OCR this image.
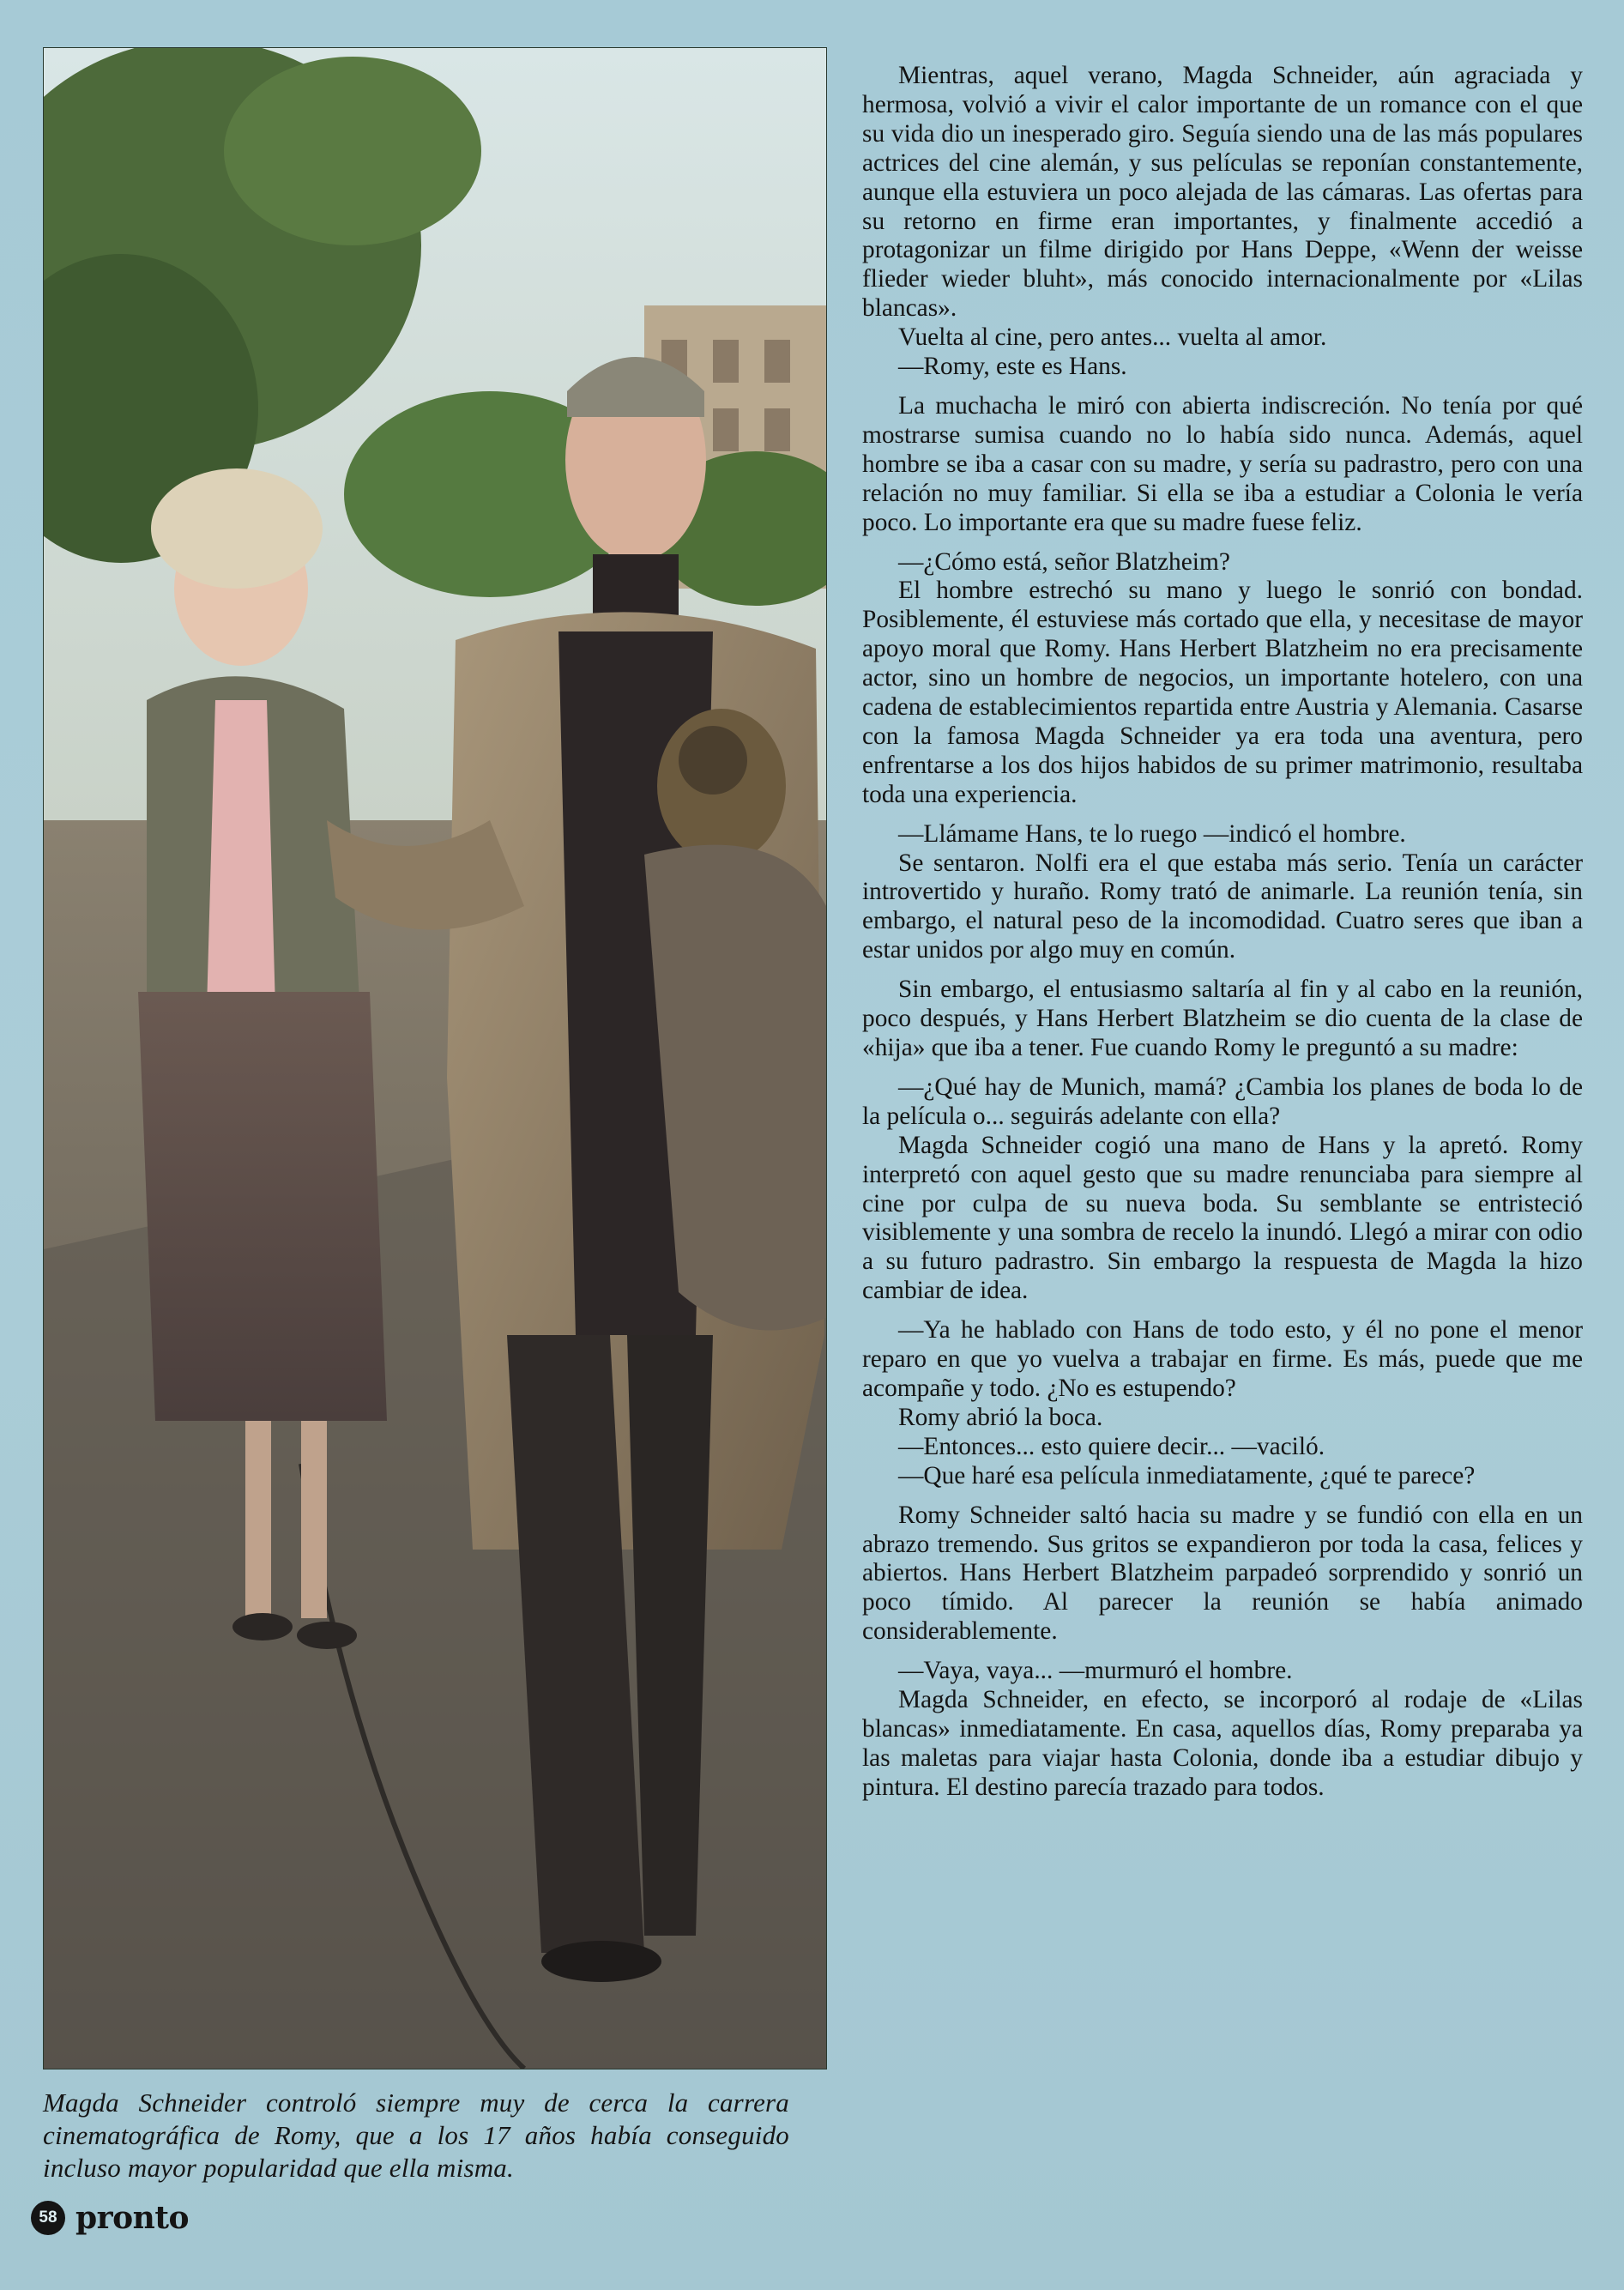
Magda Schneider controló siempre muy de cerca la carrera cinematográfica de Romy, que a los 17 años había conseguido incluso mayor popularidad que ella misma.
58 pronto

Mientras, aquel verano, Magda Schneider, aún agraciada y hermosa, volvió a vivir el calor importante de un romance con el que su vida dio un inesperado giro. Seguía siendo una de las más populares actrices del cine alemán, y sus películas se reponían constantemente, aunque ella estuviera un poco alejada de las cámaras. Las ofertas para su retorno en firme eran importantes, y finalmente accedió a protagonizar un filme dirigido por Hans Deppe, «Wenn der weisse flieder wieder bluht», más conocido internacionalmente por «Lilas blancas».

Vuelta al cine, pero antes... vuelta al amor.

—Romy, este es Hans.

La muchacha le miró con abierta indiscreción. No tenía por qué mostrarse sumisa cuando no lo había sido nunca. Además, aquel hombre se iba a casar con su madre, y sería su padrastro, pero con una relación no muy familiar. Si ella se iba a estudiar a Colonia le vería poco. Lo importante era que su madre fuese feliz.

—¿Cómo está, señor Blatzheim?

El hombre estrechó su mano y luego le sonrió con bondad. Posiblemente, él estuviese más cortado que ella, y necesitase de mayor apoyo moral que Romy. Hans Herbert Blatzheim no era precisamente actor, sino un hombre de negocios, un importante hotelero, con una cadena de establecimientos repartida entre Austria y Alemania. Casarse con la famosa Magda Schneider ya era toda una aventura, pero enfrentarse a los dos hijos habidos de su primer matrimonio, resultaba toda una experiencia.

—Llámame Hans, te lo ruego —indicó el hombre.

Se sentaron. Nolfi era el que estaba más serio. Tenía un carácter introvertido y huraño. Romy trató de animarle. La reunión tenía, sin embargo, el natural peso de la incomodidad. Cuatro seres que iban a estar unidos por algo muy en común.

Sin embargo, el entusiasmo saltaría al fin y al cabo en la reunión, poco después, y Hans Herbert Blatzheim se dio cuenta de la clase de «hija» que iba a tener. Fue cuando Romy le preguntó a su madre:

—¿Qué hay de Munich, mamá? ¿Cambia los planes de boda lo de la película o... seguirás adelante con ella?

Magda Schneider cogió una mano de Hans y la apretó. Romy interpretó con aquel gesto que su madre renunciaba para siempre al cine por culpa de su nueva boda. Su semblante se entristeció visiblemente y una sombra de recelo la inundó. Llegó a mirar con odio a su futuro padrastro. Sin embargo la respuesta de Magda la hizo cambiar de idea.

—Ya he hablado con Hans de todo esto, y él no pone el menor reparo en que yo vuelva a trabajar en firme. Es más, puede que me acompañe y todo. ¿No es estupendo?

Romy abrió la boca.

—Entonces... esto quiere decir... —vaciló.

—Que haré esa película inmediatamente, ¿qué te parece?

Romy Schneider saltó hacia su madre y se fundió con ella en un abrazo tremendo. Sus gritos se expandieron por toda la casa, felices y abiertos. Hans Herbert Blatzheim parpadeó sorprendido y sonrió un poco tímido. Al parecer la reunión se había animado considerablemente.

—Vaya, vaya... —murmuró el hombre.

Magda Schneider, en efecto, se incorporó al rodaje de «Lilas blancas» inmediatamente. En casa, aquellos días, Romy preparaba ya las maletas para viajar hasta Colonia, donde iba a estudiar dibujo y pintura. El destino parecía trazado para todos.
